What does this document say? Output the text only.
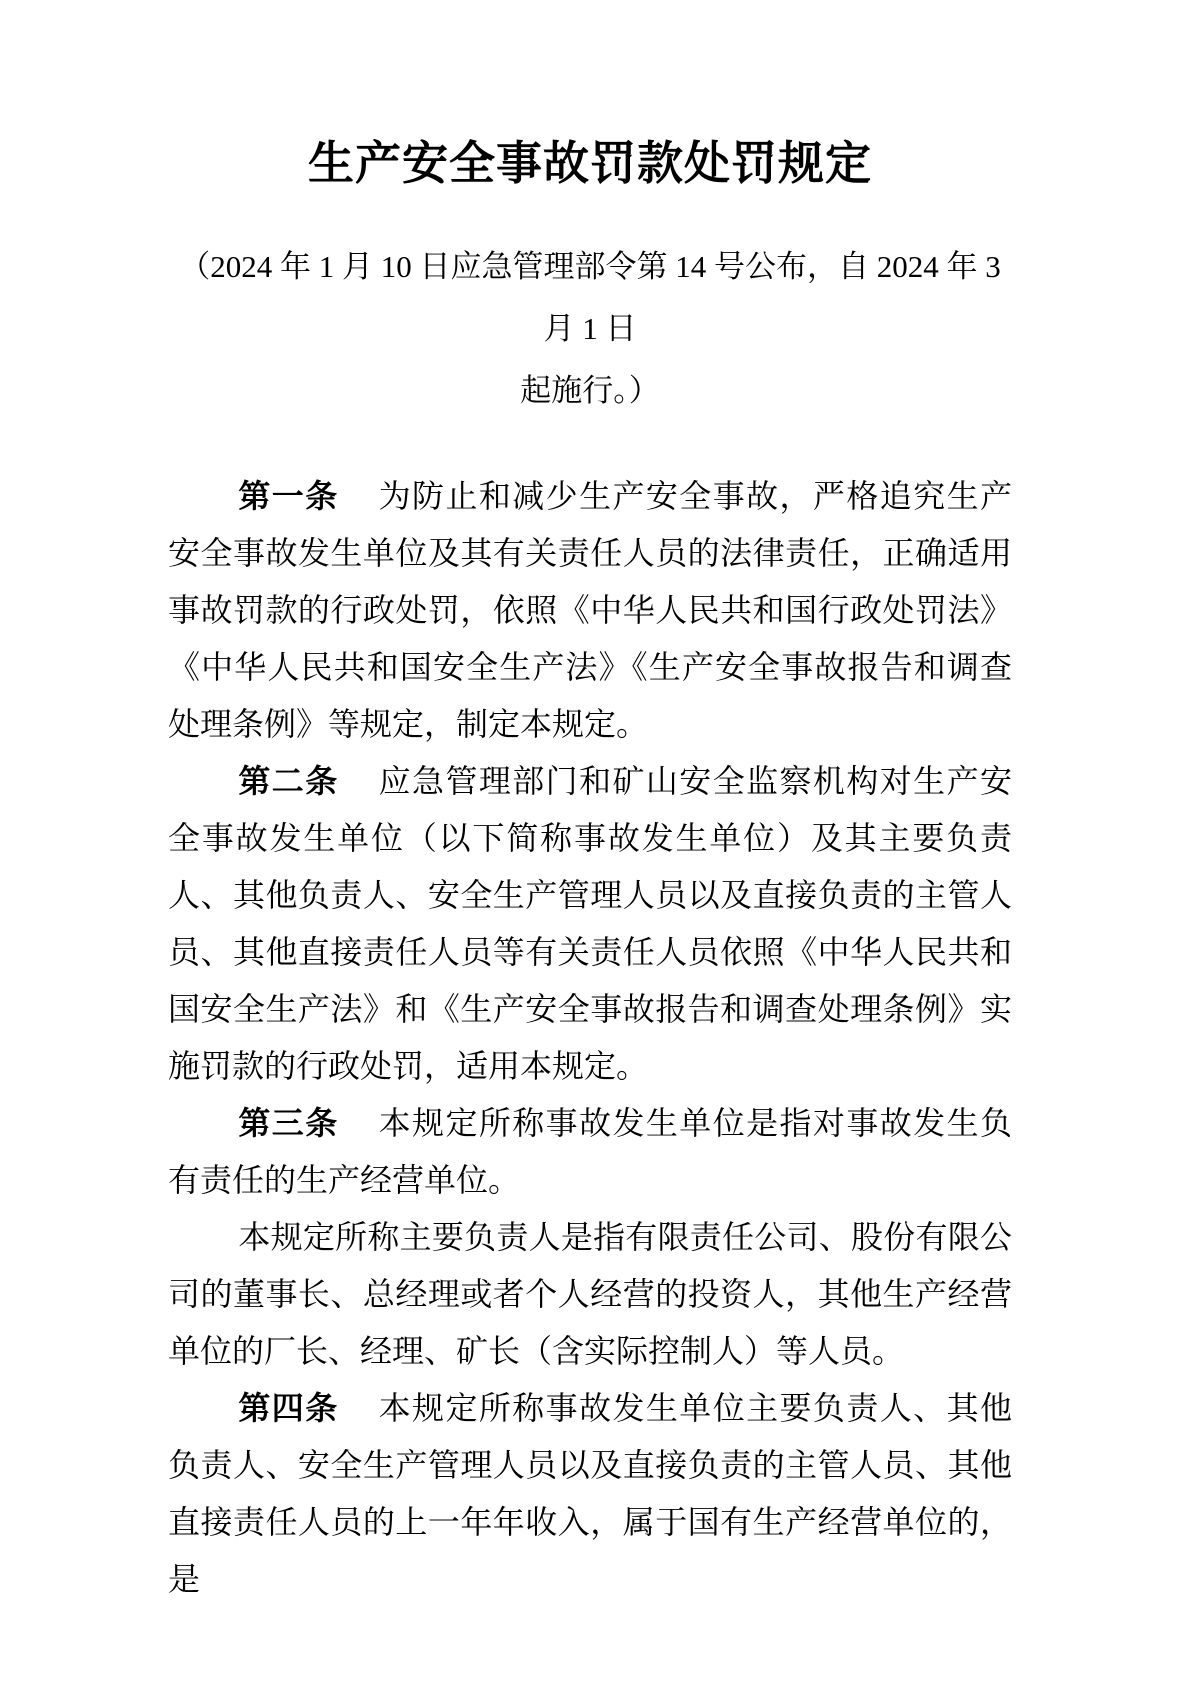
生产安全事故罚款处罚规定
（2024 年 1 月 10 日应急管理部令第 14 号公布，自 2024 年 3 月 1 日
起施行。）

第一条 为防止和减少生产安全事故，严格追究生产安全事故发生单位及其有关责任人员的法律责任，正确适用事故罚款的行政处罚，依照《中华人民共和国行政处罚法》《中华人民共和国安全生产法》《生产安全事故报告和调查处理条例》等规定，制定本规定。

第二条 应急管理部门和矿山安全监察机构对生产安全事故发生单位（以下简称事故发生单位）及其主要负责人、其他负责人、安全生产管理人员以及直接负责的主管人员、其他直接责任人员等有关责任人员依照《中华人民共和国安全生产法》和《生产安全事故报告和调查处理条例》实施罚款的行政处罚，适用本规定。

第三条 本规定所称事故发生单位是指对事故发生负有责任的生产经营单位。

本规定所称主要负责人是指有限责任公司、股份有限公司的董事长、总经理或者个人经营的投资人，其他生产经营单位的厂长、经理、矿长（含实际控制人）等人员。

第四条 本规定所称事故发生单位主要负责人、其他负责人、安全生产管理人员以及直接负责的主管人员、其他直接责任人员的上一年年收入，属于国有生产经营单位的，是
